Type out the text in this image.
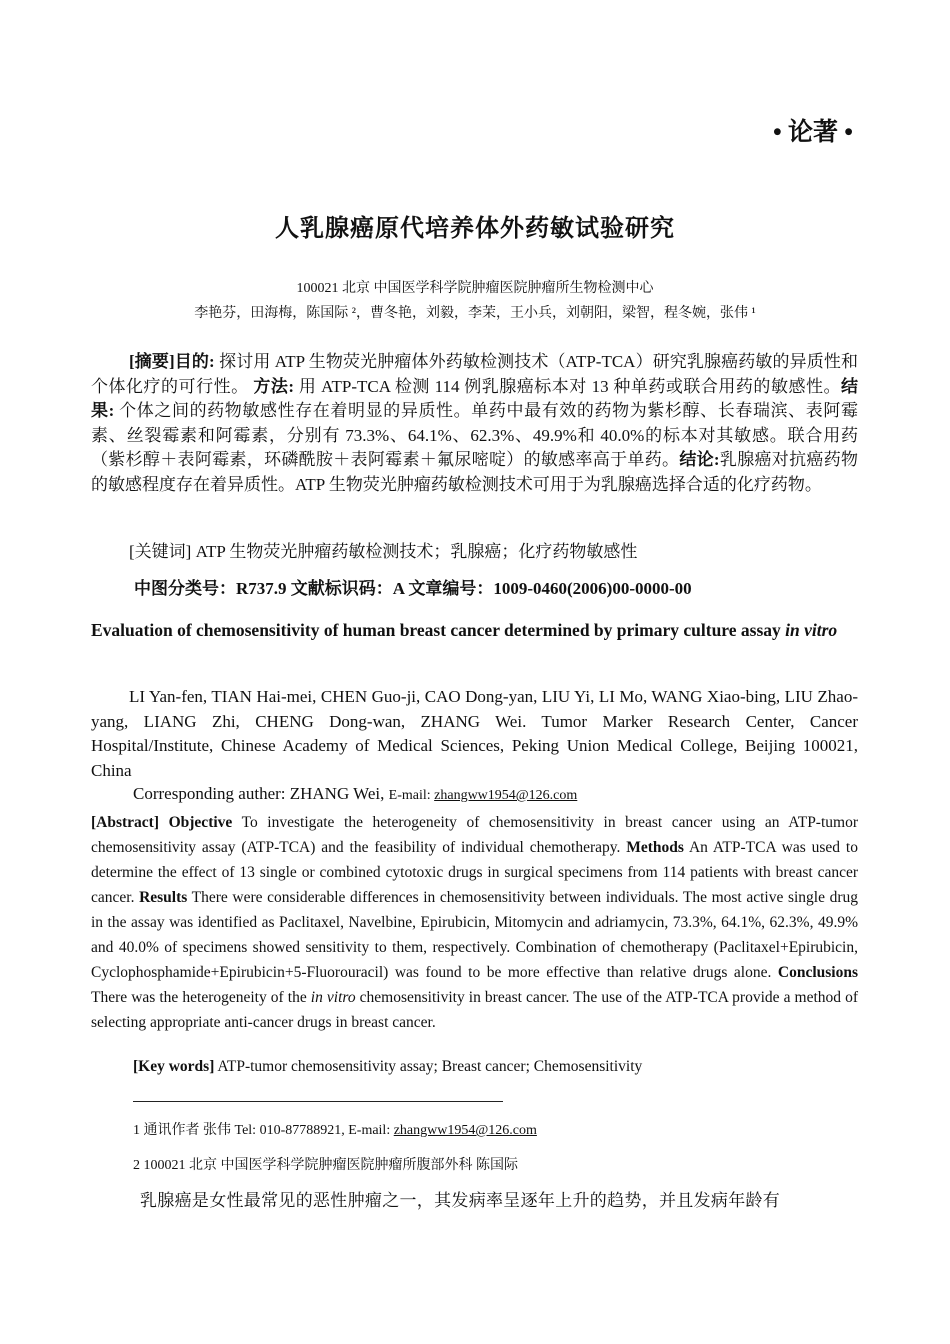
• 论著 •
人乳腺癌原代培养体外药敏试验研究
100021 北京 中国医学科学院肿瘤医院肿瘤所生物检测中心
李艳芬，田海梅，陈国际 ²，曹冬艳，刘毅，李茉，王小兵，刘朝阳，梁智，程冬婉，张伟 ¹
[摘要]目的: 探讨用 ATP 生物荧光肿瘤体外药敏检测技术（ATP-TCA）研究乳腺癌药敏的异质性和个体化疗的可行性。 方法: 用 ATP-TCA 检测 114 例乳腺癌标本对 13 种单药或联合用药的敏感性。结果: 个体之间的药物敏感性存在着明显的异质性。单药中最有效的药物为紫杉醇、长春瑞滨、表阿霉素、丝裂霉素和阿霉素，分别有 73.3%、64.1%、62.3%、49.9%和 40.0%的标本对其敏感。联合用药（紫杉醇＋表阿霉素，环磷酰胺＋表阿霉素＋氟尿嘧啶）的敏感率高于单药。结论:乳腺癌对抗癌药物的敏感程度存在着异质性。ATP 生物荧光肿瘤药敏检测技术可用于为乳腺癌选择合适的化疗药物。
[关键词] ATP 生物荧光肿瘤药敏检测技术；乳腺癌；化疗药物敏感性
中图分类号：R737.9 文献标识码：A 文章编号：1009-0460(2006)00-0000-00
Evaluation of chemosensitivity of human breast cancer determined by primary culture assay in vitro
LI Yan-fen, TIAN Hai-mei, CHEN Guo-ji, CAO Dong-yan, LIU Yi, LI Mo, WANG Xiao-bing, LIU Zhao-yang, LIANG Zhi, CHENG Dong-wan, ZHANG Wei. Tumor Marker Research Center, Cancer Hospital/Institute, Chinese Academy of Medical Sciences, Peking Union Medical College, Beijing 100021, China
Corresponding auther: ZHANG Wei, E-mail: zhangww1954@126.com
[Abstract] Objective To investigate the heterogeneity of chemosensitivity in breast cancer using an ATP-tumor chemosensitivity assay (ATP-TCA) and the feasibility of individual chemotherapy. Methods An ATP-TCA was used to determine the effect of 13 single or combined cytotoxic drugs in surgical specimens from 114 patients with breast cancer cancer. Results There were considerable differences in chemosensitivity between individuals. The most active single drug in the assay was identified as Paclitaxel, Navelbine, Epirubicin, Mitomycin and adriamycin, 73.3%, 64.1%, 62.3%, 49.9% and 40.0% of specimens showed sensitivity to them, respectively. Combination of chemotherapy (Paclitaxel+Epirubicin, Cyclophosphamide+Epirubicin+5-Fluorouracil) was found to be more effective than relative drugs alone. Conclusions There was the heterogeneity of the in vitro chemosensitivity in breast cancer. The use of the ATP-TCA provide a method of selecting appropriate anti-cancer drugs in breast cancer.
[Key words] ATP-tumor chemosensitivity assay; Breast cancer; Chemosensitivity
1 通讯作者 张伟 Tel: 010-87788921, E-mail: zhangww1954@126.com
2 100021 北京 中国医学科学院肿瘤医院肿瘤所腹部外科 陈国际
乳腺癌是女性最常见的恶性肿瘤之一，其发病率呈逐年上升的趋势，并且发病年龄有
